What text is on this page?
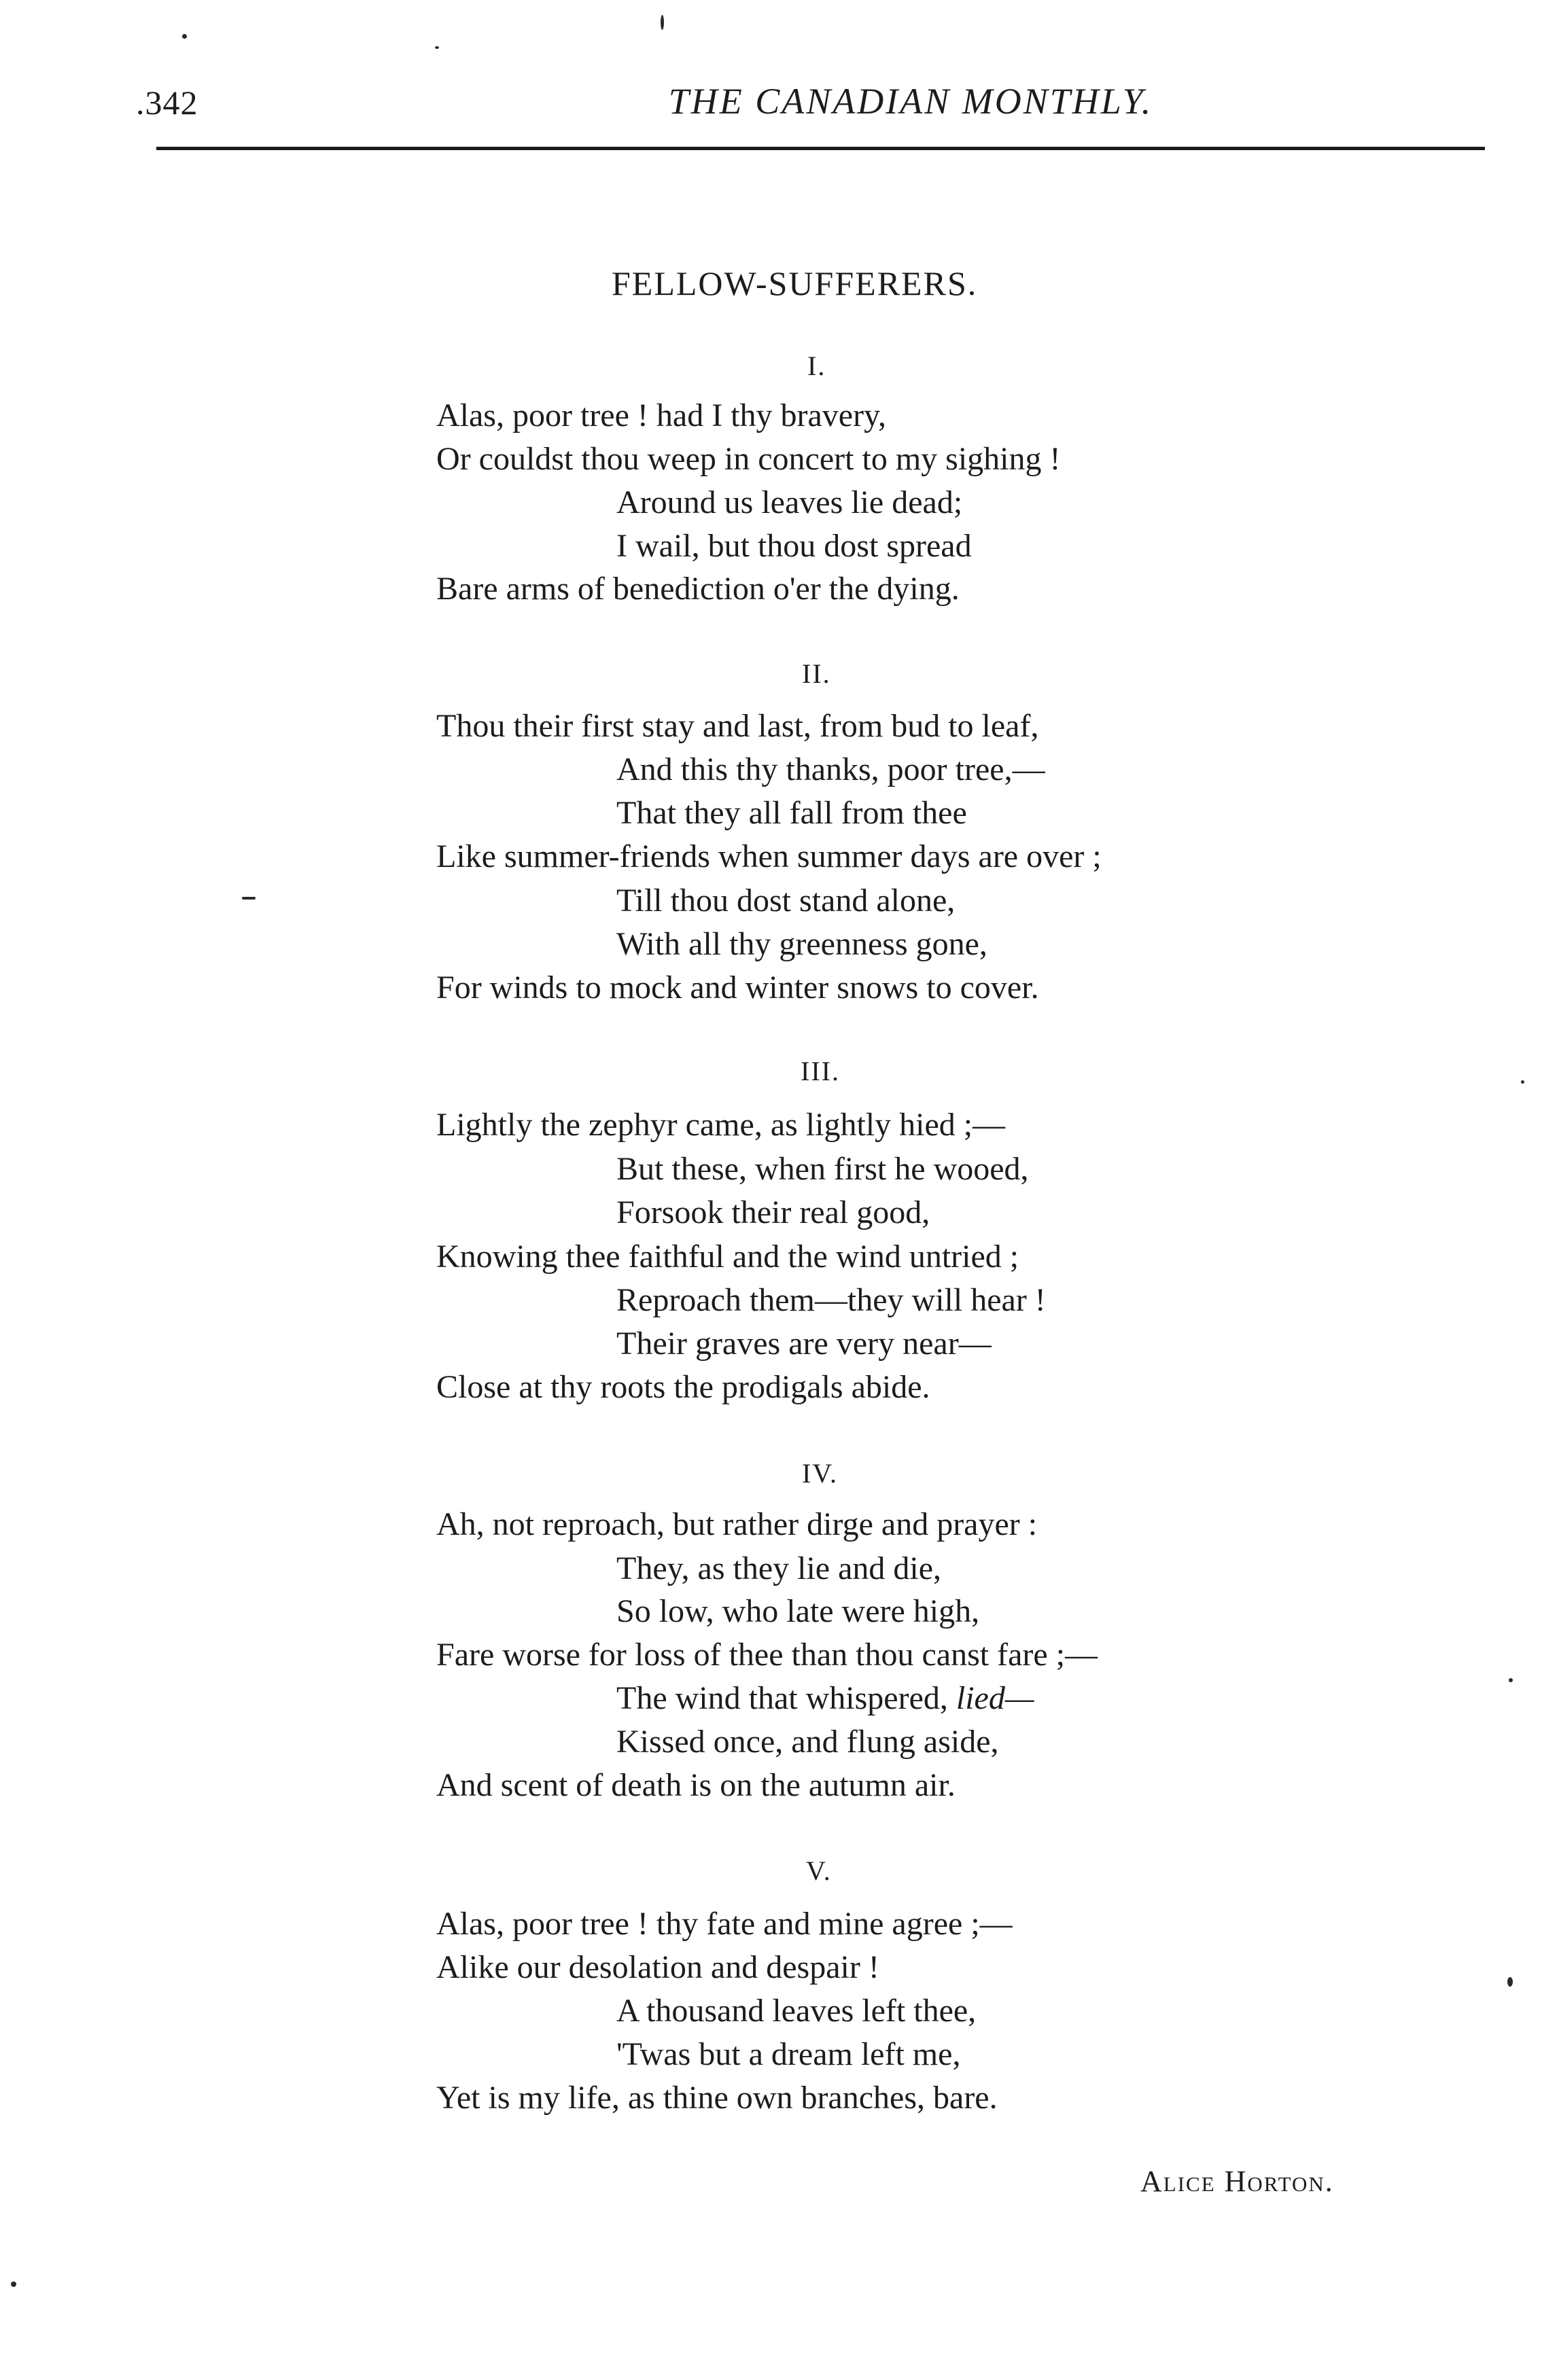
.342	THE CANADIAN MONTHLY.
FELLOW-SUFFERERS.
I.
Alas, poor tree ! had I thy bravery,
Or couldst thou weep in concert to my sighing !
Around us leaves lie dead;
I wail, but thou dost spread
Bare arms of benediction o'er the dying.
II.
Thou their first stay and last, from bud to leaf,
And this thy thanks, poor tree,—
That they all fall from thee
Like summer-friends when summer days are over ;
Till thou dost stand alone,
With all thy greenness gone,
For winds to mock and winter snows to cover.
III.
Lightly the zephyr came, as lightly hied ;—
But these, when first he wooed,
Forsook their real good,
Knowing thee faithful and the wind untried ;
Reproach them—they will hear !
Their graves are very near—
Close at thy roots the prodigals abide.
IV.
Ah, not reproach, but rather dirge and prayer :
They, as they lie and die,
So low, who late were high,
Fare worse for loss of thee than thou canst fare ;—
The wind that whispered, lied—
Kissed once, and flung aside,
And scent of death is on the autumn air.
V.
Alas, poor tree ! thy fate and mine agree ;—
Alike our desolation and despair !
A thousand leaves left thee,
'Twas but a dream left me,
Yet is my life, as thine own branches, bare.
Alice Horton.
